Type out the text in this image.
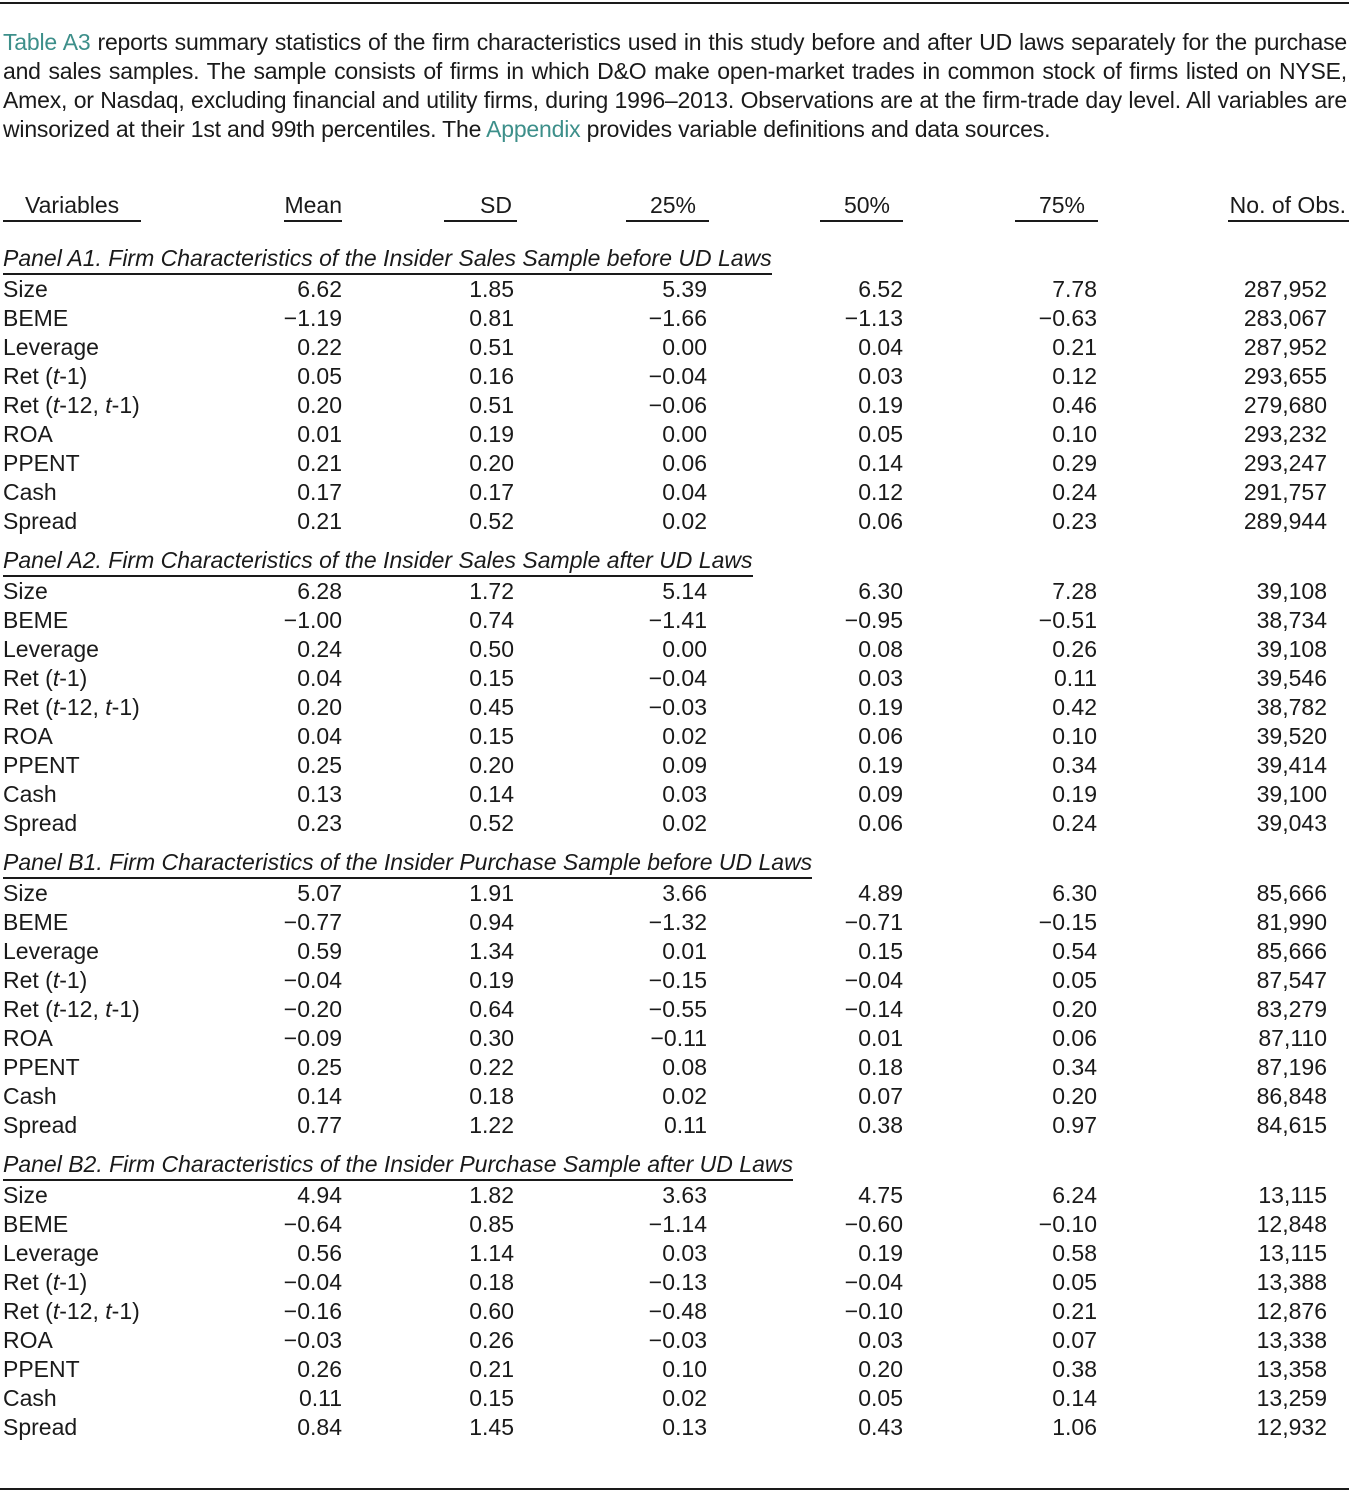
Table A3 reports summary statistics of the firm characteristics used in this study before and after UD laws separately for the purchase and sales samples. The sample consists of firms in which D&O make open-market trades in common stock of firms listed on NYSE, Amex, or Nasdaq, excluding financial and utility firms, during 1996–2013. Observations are at the firm-trade day level. All variables are winsorized at their 1st and 99th percentiles. The Appendix provides variable definitions and data sources.

Variables	Mean	SD	25%	50%	75%	No. of Obs.
Panel A1. Firm Characteristics of the Insider Sales Sample before UD Laws						
Size	6.62	1.85	5.39	6.52	7.78	287,952
BEME	−1.19	0.81	−1.66	−1.13	−0.63	283,067
Leverage	0.22	0.51	0.00	0.04	0.21	287,952
Ret (t-1)	0.05	0.16	−0.04	0.03	0.12	293,655
Ret (t-12, t-1)	0.20	0.51	−0.06	0.19	0.46	279,680
ROA	0.01	0.19	0.00	0.05	0.10	293,232
PPENT	0.21	0.20	0.06	0.14	0.29	293,247
Cash	0.17	0.17	0.04	0.12	0.24	291,757
Spread	0.21	0.52	0.02	0.06	0.23	289,944
Panel A2. Firm Characteristics of the Insider Sales Sample after UD Laws						
Size	6.28	1.72	5.14	6.30	7.28	39,108
BEME	−1.00	0.74	−1.41	−0.95	−0.51	38,734
Leverage	0.24	0.50	0.00	0.08	0.26	39,108
Ret (t-1)	0.04	0.15	−0.04	0.03	0.11	39,546
Ret (t-12, t-1)	0.20	0.45	−0.03	0.19	0.42	38,782
ROA	0.04	0.15	0.02	0.06	0.10	39,520
PPENT	0.25	0.20	0.09	0.19	0.34	39,414
Cash	0.13	0.14	0.03	0.09	0.19	39,100
Spread	0.23	0.52	0.02	0.06	0.24	39,043
Panel B1. Firm Characteristics of the Insider Purchase Sample before UD Laws						
Size	5.07	1.91	3.66	4.89	6.30	85,666
BEME	−0.77	0.94	−1.32	−0.71	−0.15	81,990
Leverage	0.59	1.34	0.01	0.15	0.54	85,666
Ret (t-1)	−0.04	0.19	−0.15	−0.04	0.05	87,547
Ret (t-12, t-1)	−0.20	0.64	−0.55	−0.14	0.20	83,279
ROA	−0.09	0.30	−0.11	0.01	0.06	87,110
PPENT	0.25	0.22	0.08	0.18	0.34	87,196
Cash	0.14	0.18	0.02	0.07	0.20	86,848
Spread	0.77	1.22	0.11	0.38	0.97	84,615
Panel B2. Firm Characteristics of the Insider Purchase Sample after UD Laws						
Size	4.94	1.82	3.63	4.75	6.24	13,115
BEME	−0.64	0.85	−1.14	−0.60	−0.10	12,848
Leverage	0.56	1.14	0.03	0.19	0.58	13,115
Ret (t-1)	−0.04	0.18	−0.13	−0.04	0.05	13,388
Ret (t-12, t-1)	−0.16	0.60	−0.48	−0.10	0.21	12,876
ROA	−0.03	0.26	−0.03	0.03	0.07	13,338
PPENT	0.26	0.21	0.10	0.20	0.38	13,358
Cash	0.11	0.15	0.02	0.05	0.14	13,259
Spread	0.84	1.45	0.13	0.43	1.06	12,932
